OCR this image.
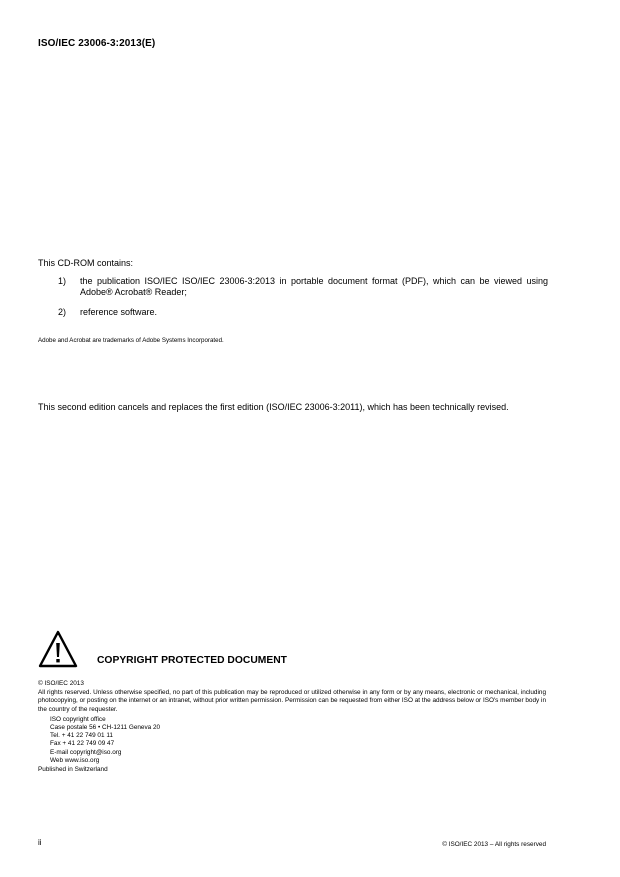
ISO/IEC 23006-3:2013(E)
This CD-ROM contains:
1)	the publication ISO/IEC ISO/IEC 23006-3:2013 in portable document format (PDF), which can be viewed using Adobe® Acrobat® Reader;
2)	reference software.
Adobe and Acrobat are trademarks of Adobe Systems Incorporated.
This second edition cancels and replaces the first edition (ISO/IEC 23006-3:2011), which has been technically revised.
COPYRIGHT PROTECTED DOCUMENT
© ISO/IEC 2013
All rights reserved. Unless otherwise specified, no part of this publication may be reproduced or utilized otherwise in any form or by any means, electronic or mechanical, including photocopying, or posting on the internet or an intranet, without prior written permission. Permission can be requested from either ISO at the address below or ISO's member body in the country of the requester.
ISO copyright office
Case postale 56 • CH-1211 Geneva 20
Tel. + 41 22 749 01 11
Fax + 41 22 749 09 47
E-mail copyright@iso.org
Web www.iso.org
Published in Switzerland
ii	© ISO/IEC 2013 – All rights reserved
